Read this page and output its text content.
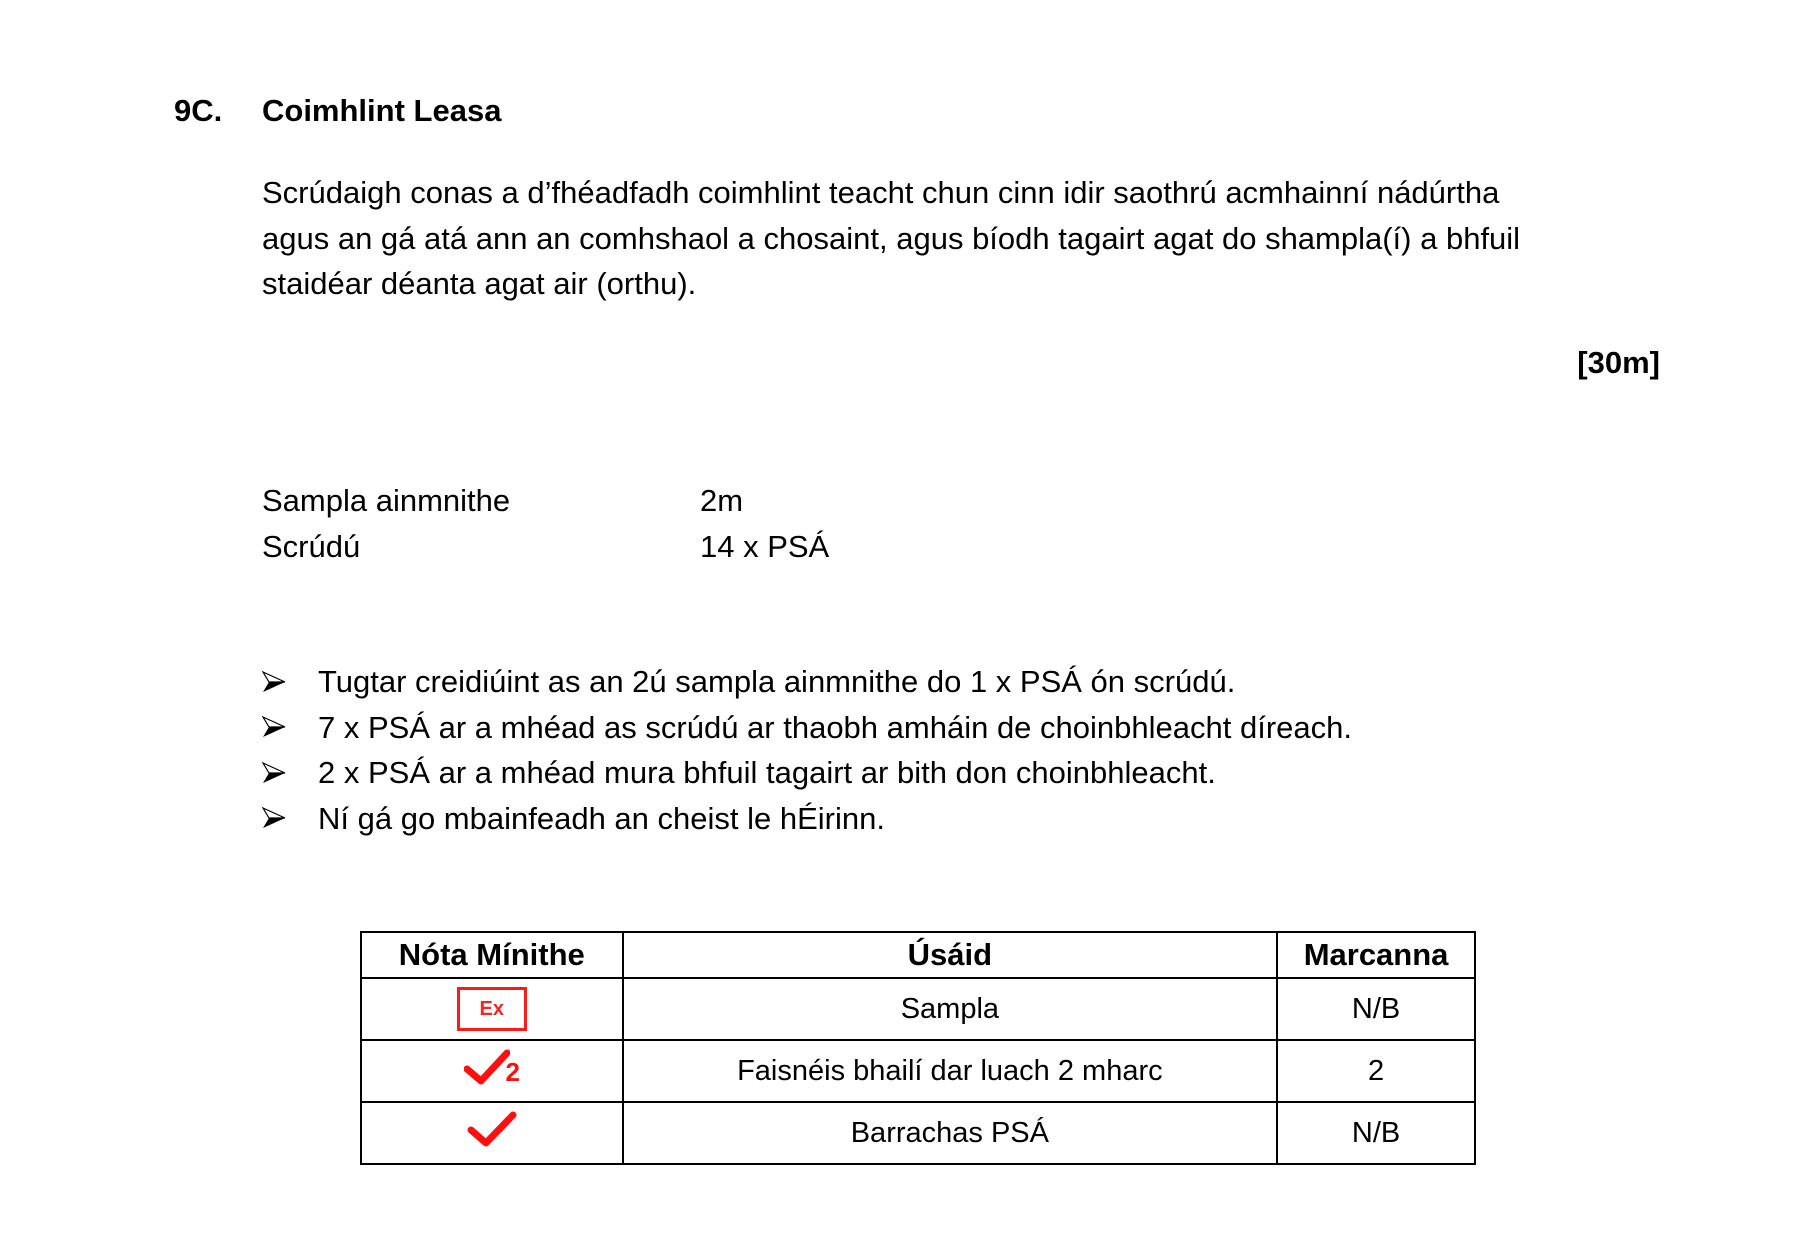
9C. Coimhlint Leasa
Scrúdaigh conas a d’fhéadfadh coimhlint teacht chun cinn idir saothrú acmhainní nádúrtha
agus an gá atá ann an comhshaol a chosaint, agus bíodh tagairt agat do shampla(í) a bhfuil
staidéar déanta agat air (orthu).
[30m]
Sampla ainmnithe	2m
Scrúdú	14 x PSÁ
Tugtar creidiúint as an 2ú sampla ainmnithe do 1 x PSÁ ón scrúdú.
7 x PSÁ ar a mhéad as scrúdú ar thaobh amháin de choinbhleacht díreach.
2 x PSÁ ar a mhéad mura bhfuil tagairt ar bith don choinbhleacht.
Ní gá go mbainfeadh an cheist le hÉirinn.
Nóta Mínithe	Úsáid	Marcanna
Ex	Sampla	N/B

2	Faisnéis bhailí dar luach 2 mharc	2
	Barrachas PSÁ	N/B
